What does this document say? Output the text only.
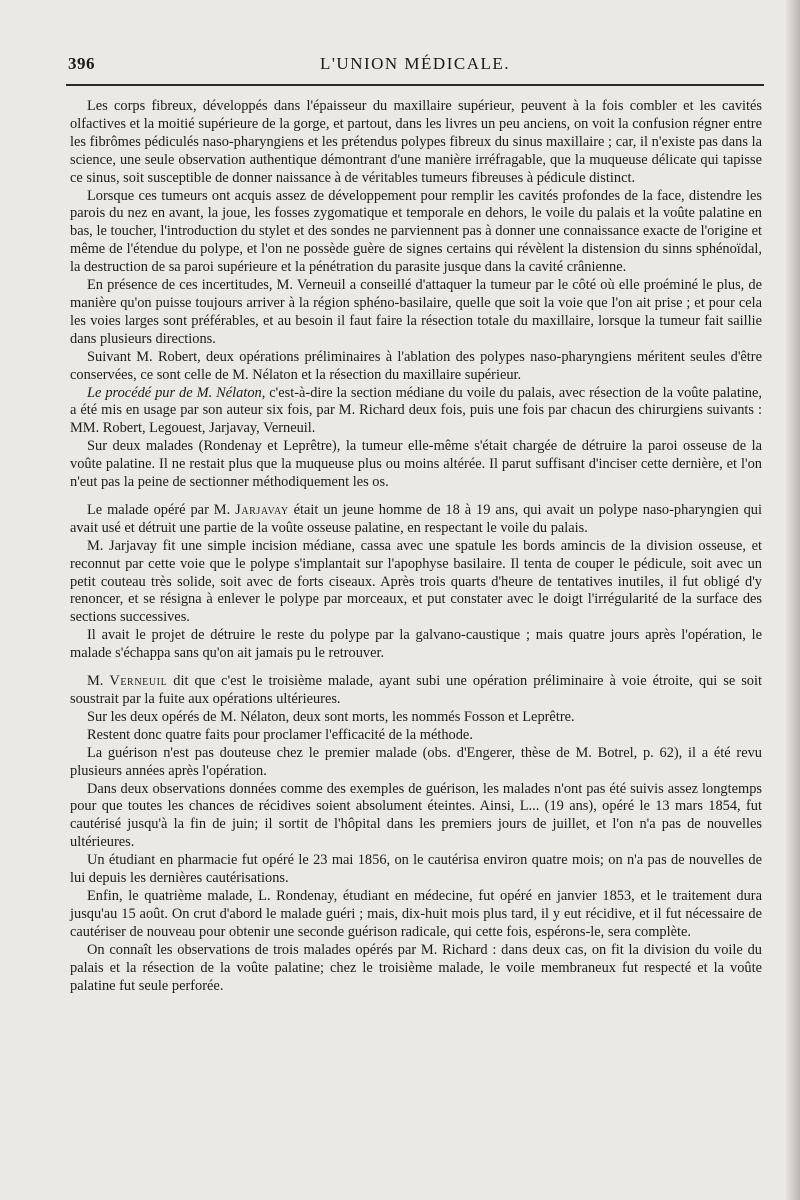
396	L'UNION MÉDICALE.

Les corps fibreux, développés dans l'épaisseur du maxillaire supérieur, peuvent à la fois combler et les cavités olfactives et la moitié supérieure de la gorge, et partout, dans les livres un peu anciens, on voit la confusion régner entre les fibrômes pédiculés naso-pharyngiens et les prétendus polypes fibreux du sinus maxillaire ; car, il n'existe pas dans la science, une seule observation authentique démontrant d'une manière irréfragable, que la muqueuse délicate qui tapisse ce sinus, soit susceptible de donner naissance à de véritables tumeurs fibreuses à pédicule distinct.

Lorsque ces tumeurs ont acquis assez de développement pour remplir les cavités profondes de la face, distendre les parois du nez en avant, la joue, les fosses zygomatique et temporale en dehors, le voile du palais et la voûte palatine en bas, le toucher, l'introduction du stylet et des sondes ne parviennent pas à donner une connaissance exacte de l'origine et même de l'étendue du polype, et l'on ne possède guère de signes certains qui révèlent la distension du sinns sphénoïdal, la destruction de sa paroi supérieure et la pénétration du parasite jusque dans la cavité crânienne.

En présence de ces incertitudes, M. Verneuil a conseillé d'attaquer la tumeur par le côté où elle proéminé le plus, de manière qu'on puisse toujours arriver à la région sphéno-basilaire, quelle que soit la voie que l'on ait prise ; et pour cela les voies larges sont préférables, et au besoin il faut faire la résection totale du maxillaire, lorsque la tumeur fait saillie dans plusieurs directions.

Suivant M. Robert, deux opérations préliminaires à l'ablation des polypes naso-pharyngiens méritent seules d'être conservées, ce sont celle de M. Nélaton et la résection du maxillaire supérieur.

Le procédé pur de M. Nélaton, c'est-à-dire la section médiane du voile du palais, avec résection de la voûte palatine, a été mis en usage par son auteur six fois, par M. Richard deux fois, puis une fois par chacun des chirurgiens suivants : MM. Robert, Legouest, Jarjavay, Verneuil.

Sur deux malades (Rondenay et Leprêtre), la tumeur elle-même s'était chargée de détruire la paroi osseuse de la voûte palatine. Il ne restait plus que la muqueuse plus ou moins altérée. Il parut suffisant d'inciser cette dernière, et l'on n'eut pas la peine de sectionner méthodiquement les os.

Le malade opéré par M. Jarjavay était un jeune homme de 18 à 19 ans, qui avait un polype naso-pharyngien qui avait usé et détruit une partie de la voûte osseuse palatine, en respectant le voile du palais.

M. Jarjavay fit une simple incision médiane, cassa avec une spatule les bords amincis de la division osseuse, et reconnut par cette voie que le polype s'implantait sur l'apophyse basilaire. Il tenta de couper le pédicule, soit avec un petit couteau très solide, soit avec de forts ciseaux. Après trois quarts d'heure de tentatives inutiles, il fut obligé d'y renoncer, et se résigna à enlever le polype par morceaux, et put constater avec le doigt l'irrégularité de la surface des sections successives.

Il avait le projet de détruire le reste du polype par la galvano-caustique ; mais quatre jours après l'opération, le malade s'échappa sans qu'on ait jamais pu le retrouver.

M. Verneuil dit que c'est le troisième malade, ayant subi une opération préliminaire à voie étroite, qui se soit soustrait par la fuite aux opérations ultérieures.

Sur les deux opérés de M. Nélaton, deux sont morts, les nommés Fosson et Leprêtre.

Restent donc quatre faits pour proclamer l'efficacité de la méthode.

La guérison n'est pas douteuse chez le premier malade (obs. d'Engerer, thèse de M. Botrel, p. 62), il a été revu plusieurs années après l'opération.

Dans deux observations données comme des exemples de guérison, les malades n'ont pas été suivis assez longtemps pour que toutes les chances de récidives soient absolument éteintes. Ainsi, L... (19 ans), opéré le 13 mars 1854, fut cautérisé jusqu'à la fin de juin; il sortit de l'hôpital dans les premiers jours de juillet, et l'on n'a pas de nouvelles ultérieures.

Un étudiant en pharmacie fut opéré le 23 mai 1856, on le cautérisa environ quatre mois; on n'a pas de nouvelles de lui depuis les dernières cautérisations.

Enfin, le quatrième malade, L. Rondenay, étudiant en médecine, fut opéré en janvier 1853, et le traitement dura jusqu'au 15 août. On crut d'abord le malade guéri ; mais, dix-huit mois plus tard, il y eut récidive, et il fut nécessaire de cautériser de nouveau pour obtenir une seconde guérison radicale, qui cette fois, espérons-le, sera complète.

On connaît les observations de trois malades opérés par M. Richard : dans deux cas, on fit la division du voile du palais et la résection de la voûte palatine; chez le troisième malade, le voile membraneux fut respecté et la voûte palatine fut seule perforée.
